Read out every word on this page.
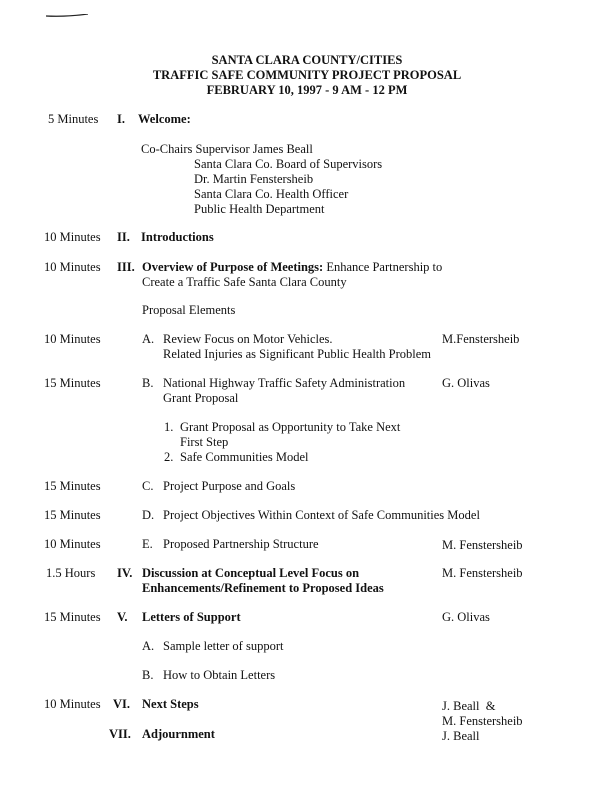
SANTA CLARA COUNTY/CITIES
TRAFFIC SAFE COMMUNITY PROJECT PROPOSAL
FEBRUARY 10, 1997 - 9 AM - 12 PM
5 Minutes I. Welcome:
Co-Chairs Supervisor James Beall
Santa Clara Co. Board of Supervisors
Dr. Martin Fenstersheib
Santa Clara Co. Health Officer
Public Health Department
10 Minutes II. Introductions
10 Minutes III. Overview of Purpose of Meetings: Enhance Partnership to
Create a Traffic Safe Santa Clara County
Proposal Elements
10 Minutes	A. Review Focus on Motor Vehicles.
Related Injuries as Significant Public Health Problem
M.Fenstersheib
15 Minutes	B. National Highway Traffic Safety Administration
Grant Proposal
G. Olivas
1. Grant Proposal as Opportunity to Take Next
First Step
2. Safe Communities Model
15 Minutes	C. Project Purpose and Goals
15 Minutes	D. Project Objectives Within Context of Safe Communities Model
10 Minutes	E. Proposed Partnership Structure	M. Fenstersheib
1.5 Hours IV. Discussion at Conceptual Level Focus on
Enhancements/Refinement to Proposed Ideas
M. Fenstersheib
15 Minutes V. Letters of Support	G. Olivas
A. Sample letter of support
B. How to Obtain Letters
10 Minutes VI. Next Steps	J. Beall  &
M. Fenstersheib
VII. Adjournment	J. Beall
